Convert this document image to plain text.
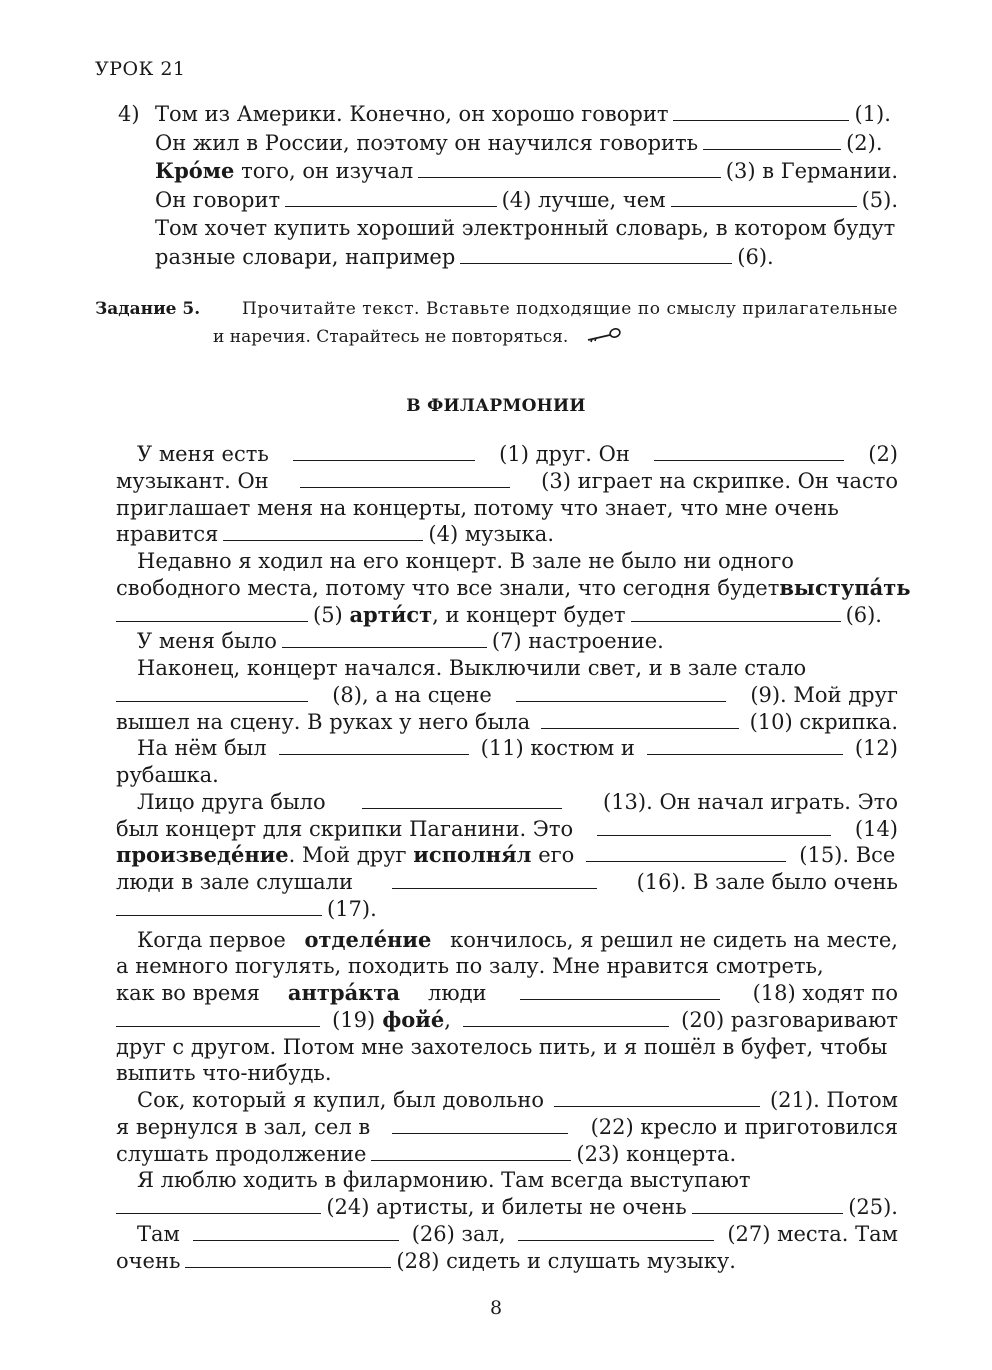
УРОК 21
4) Том из Америки. Конечно, он хорошо говорит	(1).
Он жил в России, поэтому он научился говорить	(2).
Кро́ме того, он изучал	(3) в Германии.
Он говорит	(4) лучше, чем	(5).
Том хочет купить хороший электронный словарь, в котором будут
разные словари, например	(6).
Задание 5. Прочитайте текст. Вставьте подходящие по смыслу прилагательные
и наречия. Старайтесь не повторяться.
В ФИЛАРМОНИИ
У меня есть	(1) друг. Он	(2)
музыкант. Он	(3) играет на скрипке. Он часто
приглашает меня на концерты, потому что знает, что мне очень
нравится	(4) музыка.
Недавно я ходил на его концерт. В зале не было ни одного
свободного места, потому что все знали, что сегодня будет выступа́ть
(5)
арти́ст , и концерт будет	(6).
У меня было	(7) настроение.
Наконец, концерт начался. Выключили свет, и в зале стало
(8), а на сцене	(9). Мой друг
вышел на сцену. В руках у него была	(10) скрипка.
На нём был	(11) костюм и	(12)
рубашка.
Лицо друга было	(13). Он начал играть. Это
был концерт для скрипки Паганини. Это	(14)
произведе́ние . Мой друг
исполня́л
его	(15). Все
люди в зале слушали	(16). В зале было очень
(17).
Когда первое отделе́ние кончилось, я решил не сидеть на месте,
а немного погулять, походить по залу. Мне нравится смотреть,
как во время антра́кта люди	(18) ходят по
(19) фойе́,	(20) разговаривают
друг с другом. Потом мне захотелось пить, и я пошёл в буфет, чтобы
выпить что-нибудь.
Сок, который я купил, был довольно	(21). Потом
я вернулся в зал, сел в	(22) кресло и приготовился
слушать продолжение	(23) концерта.
Я люблю ходить в филармонию. Там всегда выступают
(24) артисты, и билеты не очень	(25).
Там	(26) зал,	(27) места. Там
очень	(28) сидеть и слушать музыку.
8
